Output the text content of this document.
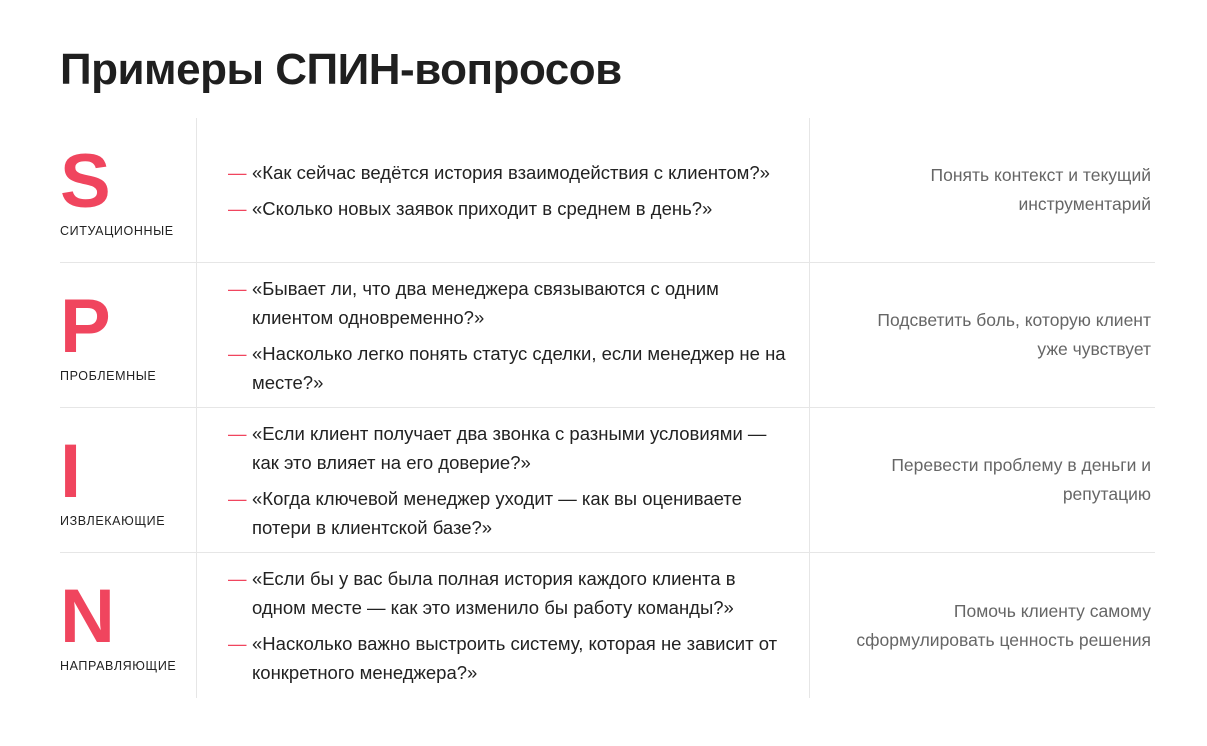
Примеры СПИН-вопросов
S
СИТУАЦИОННЫЕ
— «Как сейчас ведётся история взаимодействия с клиентом?»
— «Сколько новых заявок приходит в среднем в день?»
Понять контекст и текущий инструментарий
P
ПРОБЛЕМНЫЕ
— «Бывает ли, что два менеджера связываются с одним клиентом одновременно?»
— «Насколько легко понять статус сделки, если менеджер не на месте?»
Подсветить боль, которую клиент уже чувствует
I
ИЗВЛЕКАЮЩИЕ
— «Если клиент получает два звонка с разными условиями — как это влияет на его доверие?»
— «Когда ключевой менеджер уходит — как вы оцениваете потери в клиентской базе?»
Перевести проблему в деньги и репутацию
N
НАПРАВЛЯЮЩИЕ
— «Если бы у вас была полная история каждого клиента в одном месте — как это изменило бы работу команды?»
— «Насколько важно выстроить систему, которая не зависит от конкретного менеджера?»
Помочь клиенту самому сформулировать ценность решения
